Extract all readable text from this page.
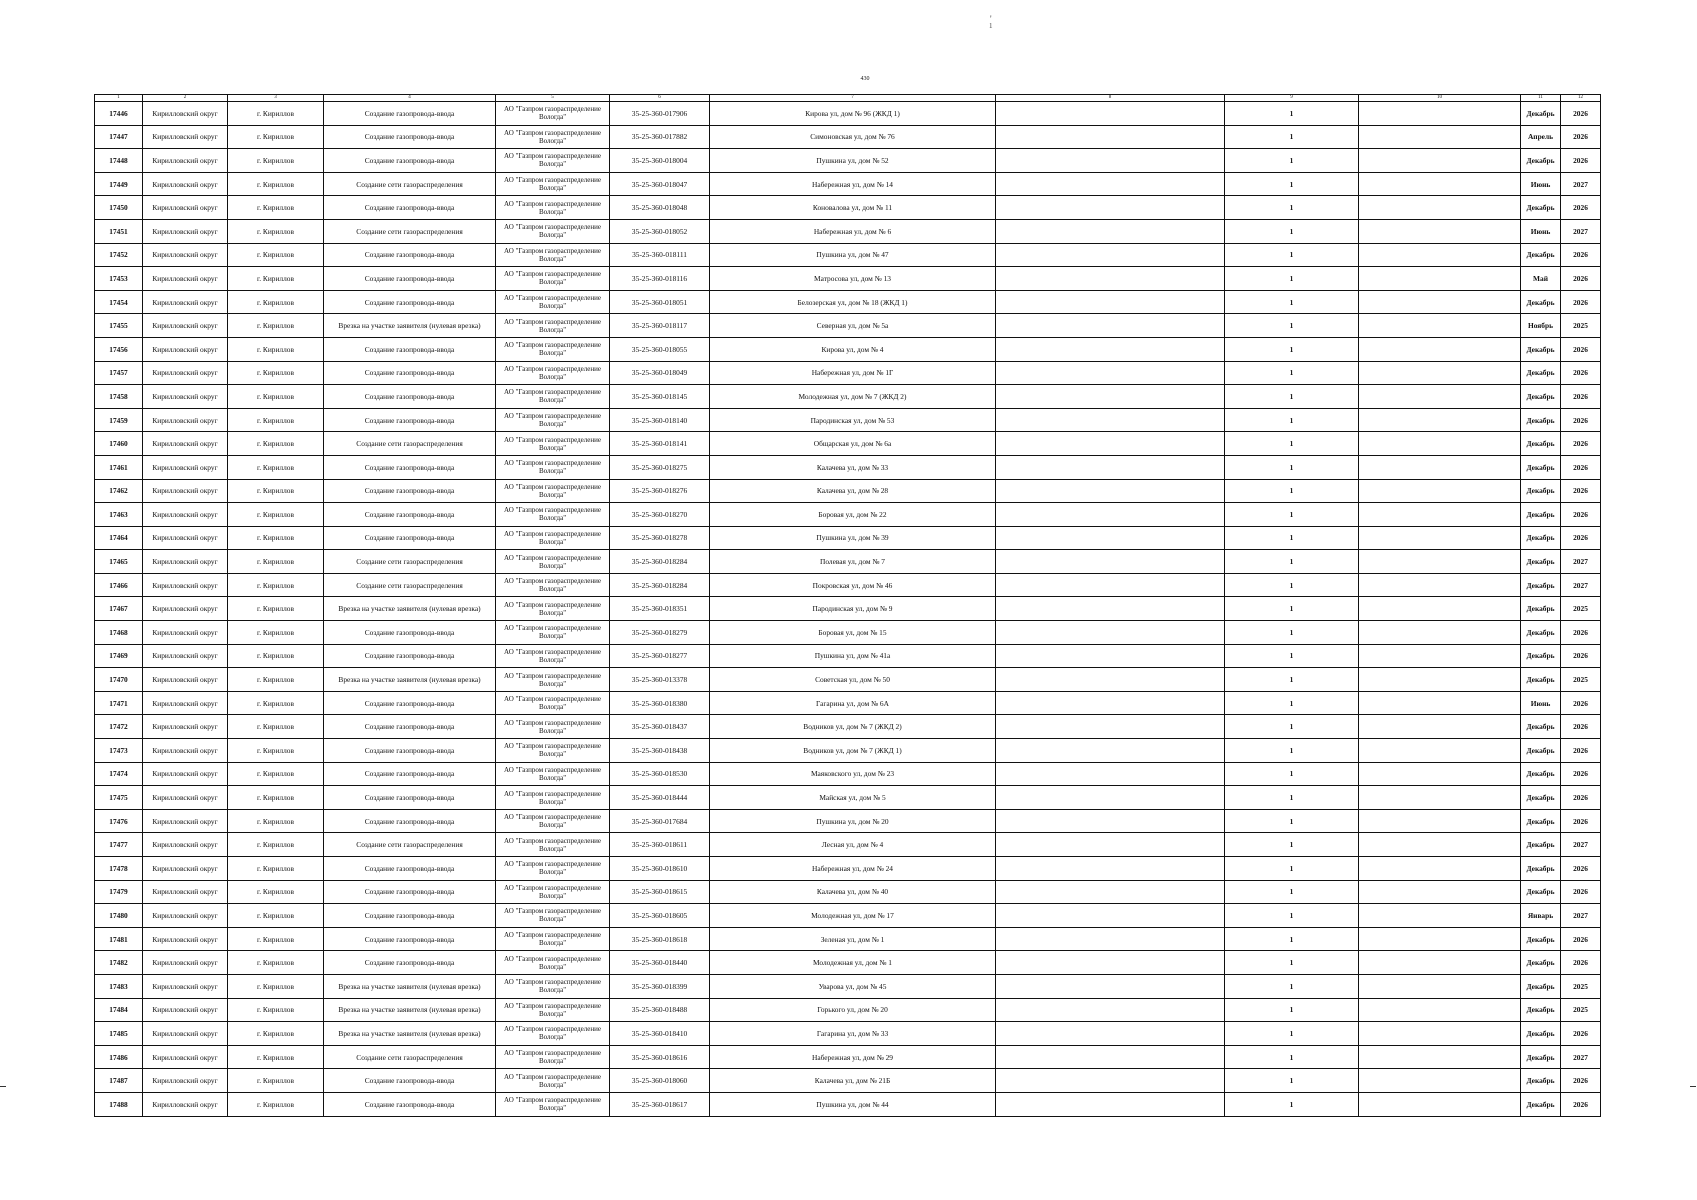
'
1
430
1	2	3	4	5	6	7	8	9	10	11	12
17446	Кирилловский округ	г. Кириллов	Создание газопровода-ввода	АО "Газпром газораспределение Вологда"	35-25-360-017906	Кирова ул, дом № 96 (ЖКД 1)		1		Декабрь	2026
17447	Кирилловский округ	г. Кириллов	Создание газопровода-ввода	АО "Газпром газораспределение Вологда"	35-25-360-017882	Симоновская ул, дом № 76		1		Апрель	2026
17448	Кирилловский округ	г. Кириллов	Создание газопровода-ввода	АО "Газпром газораспределение Вологда"	35-25-360-018004	Пушкина ул, дом № 52		1		Декабрь	2026
17449	Кирилловский округ	г. Кириллов	Создание сети газораспределения	АО "Газпром газораспределение Вологда"	35-25-360-018047	Набережная ул, дом № 14		1		Июнь	2027
17450	Кирилловский округ	г. Кириллов	Создание газопровода-ввода	АО "Газпром газораспределение Вологда"	35-25-360-018048	Коновалова ул, дом № 11		1		Декабрь	2026
17451	Кирилловский округ	г. Кириллов	Создание сети газораспределения	АО "Газпром газораспределение Вологда"	35-25-360-018052	Набережная ул, дом № 6		1		Июнь	2027
17452	Кирилловский округ	г. Кириллов	Создание газопровода-ввода	АО "Газпром газораспределение Вологда"	35-25-360-018111	Пушкина ул, дом № 47		1		Декабрь	2026
17453	Кирилловский округ	г. Кириллов	Создание газопровода-ввода	АО "Газпром газораспределение Вологда"	35-25-360-018116	Матросова ул, дом № 13		1		Май	2026
17454	Кирилловский округ	г. Кириллов	Создание газопровода-ввода	АО "Газпром газораспределение Вологда"	35-25-360-018051	Белозерская ул, дом № 18 (ЖКД 1)		1		Декабрь	2026
17455	Кирилловский округ	г. Кириллов	Врезка на участке заявителя (нулевая врезка)	АО "Газпром газораспределение Вологда"	35-25-360-018117	Северная ул, дом № 5а		1		Ноябрь	2025
17456	Кирилловский округ	г. Кириллов	Создание газопровода-ввода	АО "Газпром газораспределение Вологда"	35-25-360-018055	Кирова ул, дом № 4		1		Декабрь	2026
17457	Кирилловский округ	г. Кириллов	Создание газопровода-ввода	АО "Газпром газораспределение Вологда"	35-25-360-018049	Набережная ул, дом № 1Г		1		Декабрь	2026
17458	Кирилловский округ	г. Кириллов	Создание газопровода-ввода	АО "Газпром газораспределение Вологда"	35-25-360-018145	Молодежная ул, дом № 7 (ЖКД 2)		1		Декабрь	2026
17459	Кирилловский округ	г. Кириллов	Создание газопровода-ввода	АО "Газпром газораспределение Вологда"	35-25-360-018140	Пародинская ул, дом № 53		1		Декабрь	2026
17460	Кирилловский округ	г. Кириллов	Создание сети газораспределения	АО "Газпром газораспределение Вологда"	35-25-360-018141	Общарская ул, дом № 6а		1		Декабрь	2026
17461	Кирилловский округ	г. Кириллов	Создание газопровода-ввода	АО "Газпром газораспределение Вологда"	35-25-360-018275	Калачева ул, дом № 33		1		Декабрь	2026
17462	Кирилловский округ	г. Кириллов	Создание газопровода-ввода	АО "Газпром газораспределение Вологда"	35-25-360-018276	Калачева ул, дом № 28		1		Декабрь	2026
17463	Кирилловский округ	г. Кириллов	Создание газопровода-ввода	АО "Газпром газораспределение Вологда"	35-25-360-018270	Боровая ул, дом № 22		1		Декабрь	2026
17464	Кирилловский округ	г. Кириллов	Создание газопровода-ввода	АО "Газпром газораспределение Вологда"	35-25-360-018278	Пушкина ул, дом № 39		1		Декабрь	2026
17465	Кирилловский округ	г. Кириллов	Создание сети газораспределения	АО "Газпром газораспределение Вологда"	35-25-360-018284	Полевая ул, дом № 7		1		Декабрь	2027
17466	Кирилловский округ	г. Кириллов	Создание сети газораспределения	АО "Газпром газораспределение Вологда"	35-25-360-018284	Покровская ул, дом № 46		1		Декабрь	2027
17467	Кирилловский округ	г. Кириллов	Врезка на участке заявителя (нулевая врезка)	АО "Газпром газораспределение Вологда"	35-25-360-018351	Пародинская ул, дом № 9		1		Декабрь	2025
17468	Кирилловский округ	г. Кириллов	Создание газопровода-ввода	АО "Газпром газораспределение Вологда"	35-25-360-018279	Боровая ул, дом № 15		1		Декабрь	2026
17469	Кирилловский округ	г. Кириллов	Создание газопровода-ввода	АО "Газпром газораспределение Вологда"	35-25-360-018277	Пушкина ул, дом № 41а		1		Декабрь	2026
17470	Кирилловский округ	г. Кириллов	Врезка на участке заявителя (нулевая врезка)	АО "Газпром газораспределение Вологда"	35-25-360-013378	Советская ул, дом № 50		1		Декабрь	2025
17471	Кирилловский округ	г. Кириллов	Создание газопровода-ввода	АО "Газпром газораспределение Вологда"	35-25-360-018380	Гагарина ул, дом № 6А		1		Июнь	2026
17472	Кирилловский округ	г. Кириллов	Создание газопровода-ввода	АО "Газпром газораспределение Вологда"	35-25-360-018437	Водников ул, дом № 7 (ЖКД 2)		1		Декабрь	2026
17473	Кирилловский округ	г. Кириллов	Создание газопровода-ввода	АО "Газпром газораспределение Вологда"	35-25-360-018438	Водников ул, дом № 7 (ЖКД 1)		1		Декабрь	2026
17474	Кирилловский округ	г. Кириллов	Создание газопровода-ввода	АО "Газпром газораспределение Вологда"	35-25-360-018530	Маяковского ул, дом № 23		1		Декабрь	2026
17475	Кирилловский округ	г. Кириллов	Создание газопровода-ввода	АО "Газпром газораспределение Вологда"	35-25-360-018444	Майская ул, дом № 5		1		Декабрь	2026
17476	Кирилловский округ	г. Кириллов	Создание газопровода-ввода	АО "Газпром газораспределение Вологда"	35-25-360-017684	Пушкина ул, дом № 20		1		Декабрь	2026
17477	Кирилловский округ	г. Кириллов	Создание сети газораспределения	АО "Газпром газораспределение Вологда"	35-25-360-018611	Лесная ул, дом № 4		1		Декабрь	2027
17478	Кирилловский округ	г. Кириллов	Создание газопровода-ввода	АО "Газпром газораспределение Вологда"	35-25-360-018610	Набережная ул, дом № 24		1		Декабрь	2026
17479	Кирилловский округ	г. Кириллов	Создание газопровода-ввода	АО "Газпром газораспределение Вологда"	35-25-360-018615	Калачева ул, дом № 40		1		Декабрь	2026
17480	Кирилловский округ	г. Кириллов	Создание газопровода-ввода	АО "Газпром газораспределение Вологда"	35-25-360-018605	Молодежная ул, дом № 17		1		Январь	2027
17481	Кирилловский округ	г. Кириллов	Создание газопровода-ввода	АО "Газпром газораспределение Вологда"	35-25-360-018618	Зеленая ул, дом № 1		1		Декабрь	2026
17482	Кирилловский округ	г. Кириллов	Создание газопровода-ввода	АО "Газпром газораспределение Вологда"	35-25-360-018440	Молодежная ул, дом № 1		1		Декабрь	2026
17483	Кирилловский округ	г. Кириллов	Врезка на участке заявителя (нулевая врезка)	АО "Газпром газораспределение Вологда"	35-25-360-018399	Уварова ул, дом № 45		1		Декабрь	2025
17484	Кирилловский округ	г. Кириллов	Врезка на участке заявителя (нулевая врезка)	АО "Газпром газораспределение Вологда"	35-25-360-018488	Горького ул, дом № 20		1		Декабрь	2025
17485	Кирилловский округ	г. Кириллов	Врезка на участке заявителя (нулевая врезка)	АО "Газпром газораспределение Вологда"	35-25-360-018410	Гагарина ул, дом № 33		1		Декабрь	2026
17486	Кирилловский округ	г. Кириллов	Создание сети газораспределения	АО "Газпром газораспределение Вологда"	35-25-360-018616	Набережная ул, дом № 29		1		Декабрь	2027
17487	Кирилловский округ	г. Кириллов	Создание газопровода-ввода	АО "Газпром газораспределение Вологда"	35-25-360-018060	Калачева ул, дом № 21Б		1		Декабрь	2026
17488	Кирилловский округ	г. Кириллов	Создание газопровода-ввода	АО "Газпром газораспределение Вологда"	35-25-360-018617	Пушкина ул, дом № 44		1		Декабрь	2026
